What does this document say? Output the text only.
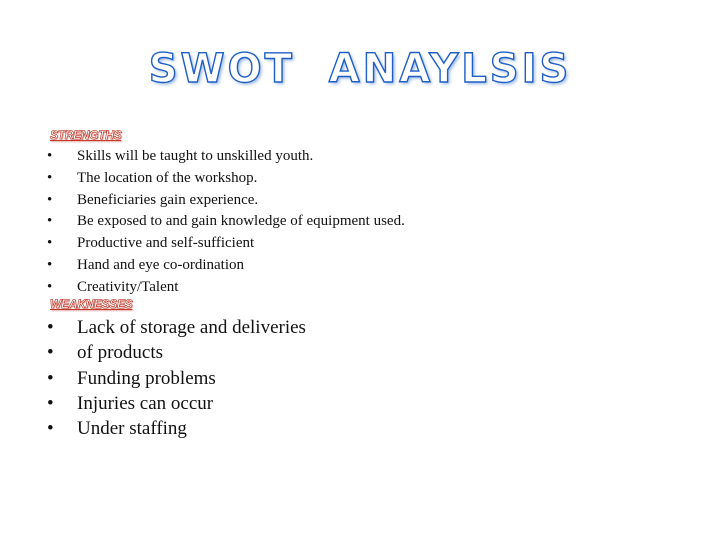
SWOT  ANAYLSIS
STRENGTHS
• Skills will be taught to unskilled youth.
• The location of the workshop.
• Beneficiaries gain experience.
• Be exposed to and gain knowledge of equipment used.
• Productive and self-sufficient
• Hand and eye co-ordination
• Creativity/Talent
WEAKNESSES
• Lack of storage and deliveries
• of products
• Funding problems
• Injuries can occur
• Under staffing
